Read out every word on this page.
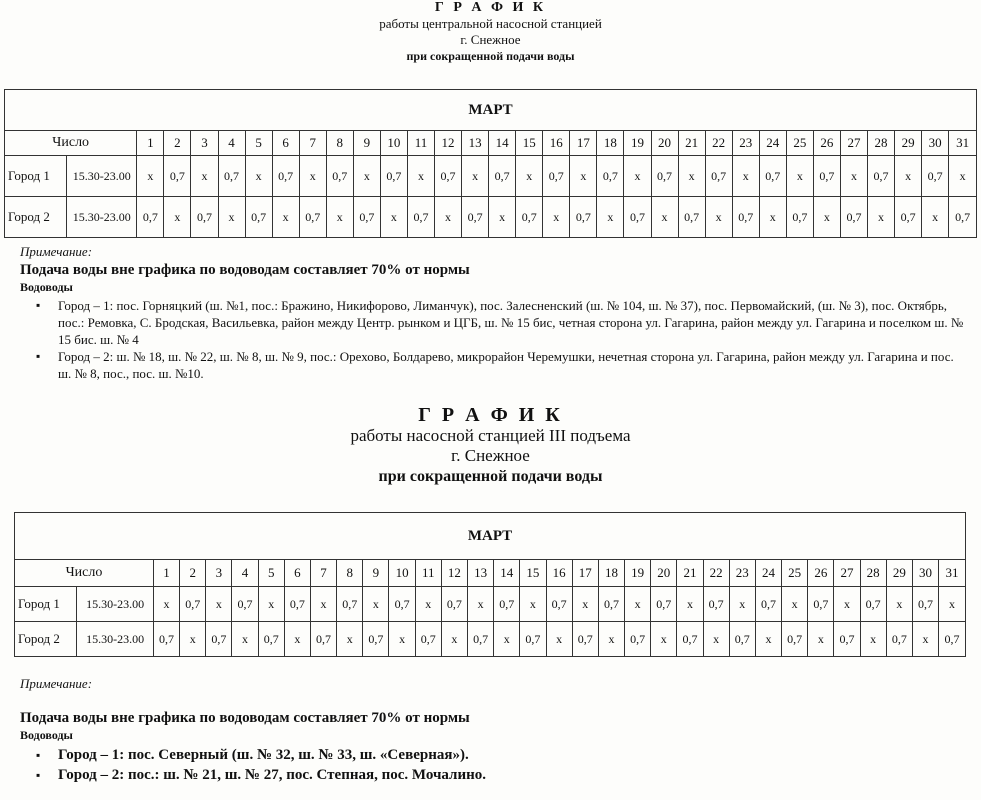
Г Р А Ф И К
работы центральной насосной станцией
г. Снежное
при сокращенной подачи воды
МАРТ																																
Число		1	2	3	4	5	6	7	8	9	10	11	12	13	14	15	16	17	18	19	20	21	22	23	24	25	26	27	28	29	30	31
Город 1	15.30-23.00	x	0,7	x	0,7	x	0,7	x	0,7	x	0,7	x	0,7	x	0,7	x	0,7	x	0,7	x	0,7	x	0,7	x	0,7	x	0,7	x	0,7	x	0,7	x
Город 2	15.30-23.00	0,7	x	0,7	x	0,7	x	0,7	x	0,7	x	0,7	x	0,7	x	0,7	x	0,7	x	0,7	x	0,7	x	0,7	x	0,7	x	0,7	x	0,7	x	0,7
Примечание:
Подача воды вне графика по водоводам составляет 70% от нормы
Водоводы
▪ Город – 1: пос. Горняцкий (ш. №1, пос.: Бражино, Никифорово, Лиманчук), пос. Залесненский (ш. № 104, ш. № 37), пос. Первомайский, (ш. № 3), пос. Октябрь, пос.: Ремовка, С. Бродская, Васильевка, район между Центр. рынком и ЦГБ, ш. № 15 бис, четная сторона ул. Гагарина, район между ул. Гагарина и поселком ш. № 15 бис. ш. № 4
▪ Город – 2: ш. № 18, ш. № 22, ш. № 8, ш. № 9, пос.: Орехово, Болдарево, микрорайон Черемушки, нечетная сторона ул. Гагарина, район между ул. Гагарина и пос. ш. № 8, пос., пос. ш. №10.
Г Р А Ф И К
работы насосной станцией III подъема
г. Снежное
при сокращенной подачи воды
МАРТ																																
Число		1	2	3	4	5	6	7	8	9	10	11	12	13	14	15	16	17	18	19	20	21	22	23	24	25	26	27	28	29	30	31
Город 1	15.30-23.00	x	0,7	x	0,7	x	0,7	x	0,7	x	0,7	x	0,7	x	0,7	x	0,7	x	0,7	x	0,7	x	0,7	x	0,7	x	0,7	x	0,7	x	0,7	x
Город 2	15.30-23.00	0,7	x	0,7	x	0,7	x	0,7	x	0,7	x	0,7	x	0,7	x	0,7	x	0,7	x	0,7	x	0,7	x	0,7	x	0,7	x	0,7	x	0,7	x	0,7
Примечание:
Подача воды вне графика по водоводам составляет 70% от нормы
Водоводы
▪ Город – 1: пос. Северный (ш. № 32, ш. № 33, ш. «Северная»).
▪ Город – 2: пос.: ш. № 21, ш. № 27, пос. Степная, пос. Мочалино.
